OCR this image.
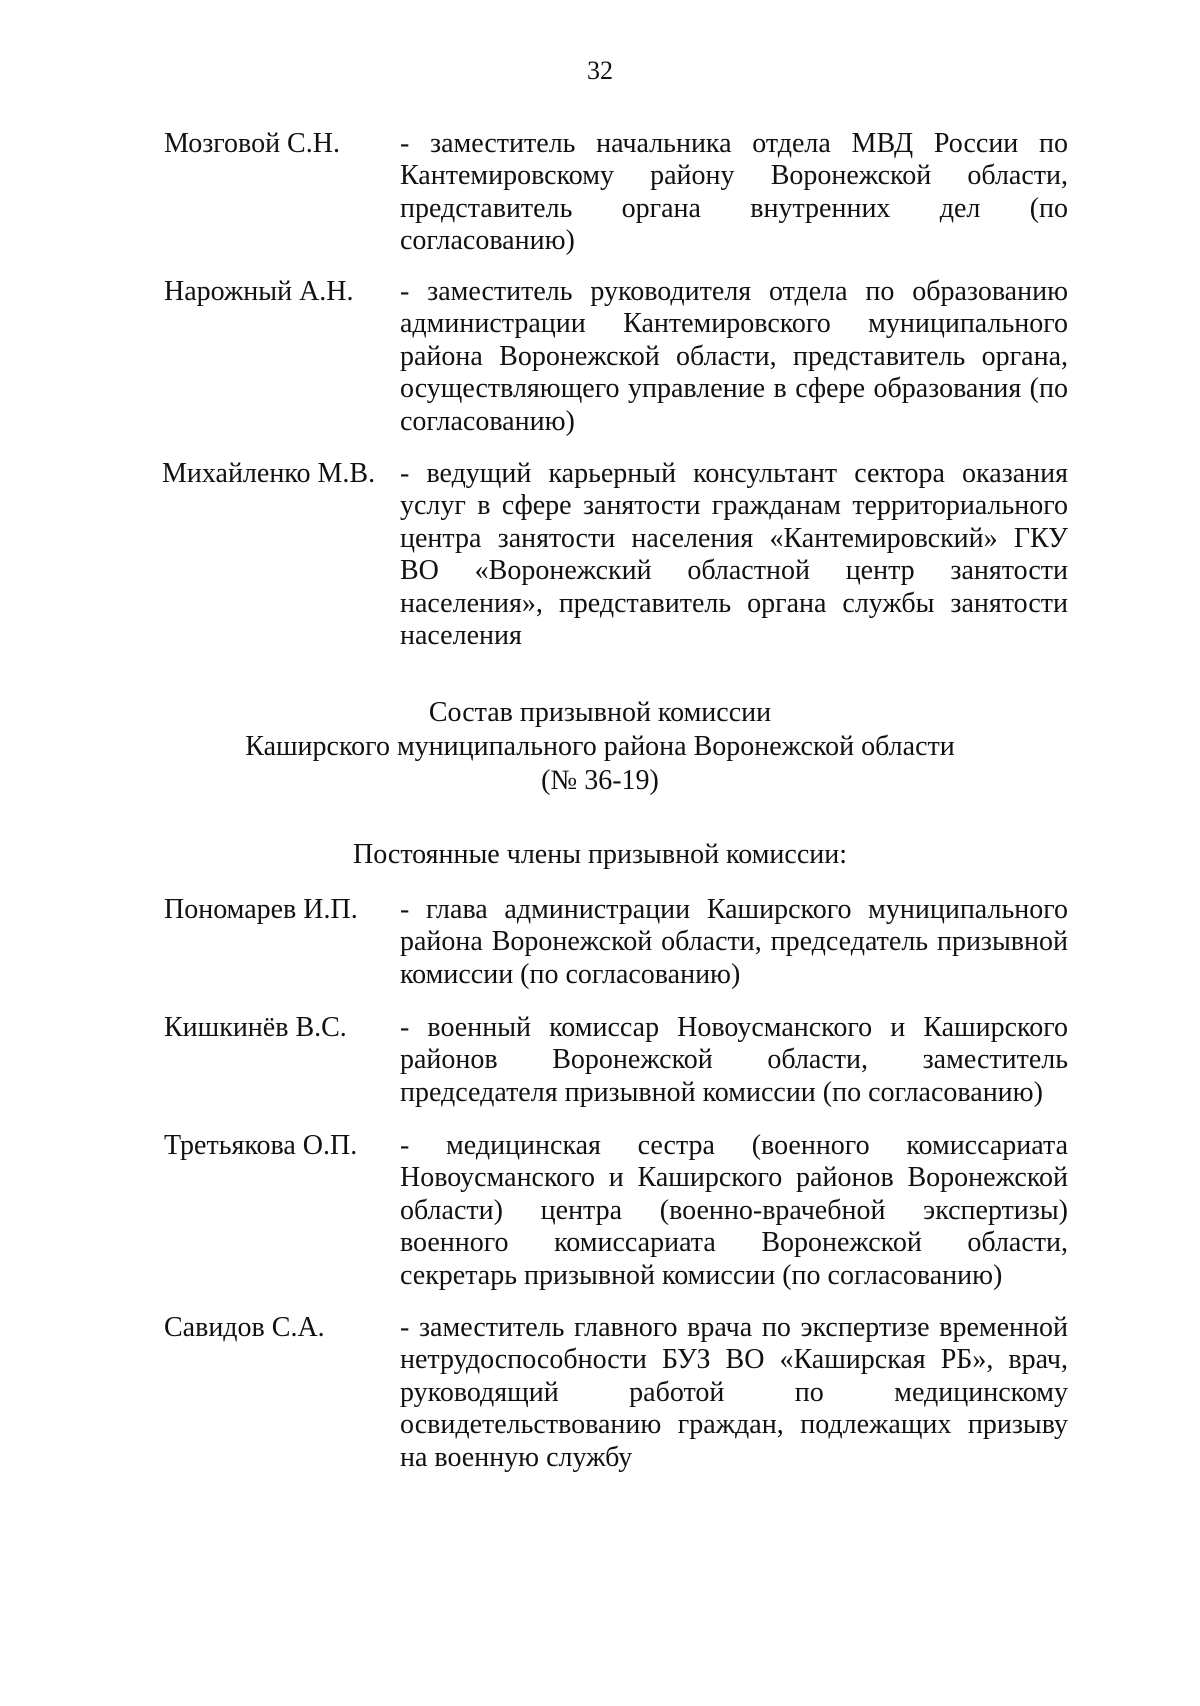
32
Мозговой С.Н. - заместитель начальника отдела МВД России по Кантемировскому району Воронежской области, представитель органа внутренних дел (по согласованию)
Нарожный А.Н. - заместитель руководителя отдела по образованию администрации Кантемировского муниципального района Воронежской области, представитель органа, осуществляющего управление в сфере образования (по согласованию)
Михайленко М.В. - ведущий карьерный консультант сектора оказания услуг в сфере занятости гражданам территориального центра занятости населения «Кантемировский» ГКУ ВО «Воронежский областной центр занятости населения», представитель органа службы занятости населения
Состав призывной комиссии
Каширского муниципального района Воронежской области
(№ 36-19)
Постоянные члены призывной комиссии:
Пономарев И.П. - глава администрации Каширского муниципального района Воронежской области, председатель призывной комиссии (по согласованию)
Кишкинёв В.С. - военный комиссар Новоусманского и Каширского районов Воронежской области, заместитель председателя призывной комиссии (по согласованию)
Третьякова О.П. - медицинская сестра (военного комиссариата Новоусманского и Каширского районов Воронежской области) центра (военно-врачебной экспертизы) военного комиссариата Воронежской области, секретарь призывной комиссии (по согласованию)
Савидов С.А.	- заместитель главного врача по экспертизе временной нетрудоспособности БУЗ ВО «Каширская РБ», врач, руководящий работой по медицинскому освидетельствованию граждан, подлежащих призыву на военную службу
